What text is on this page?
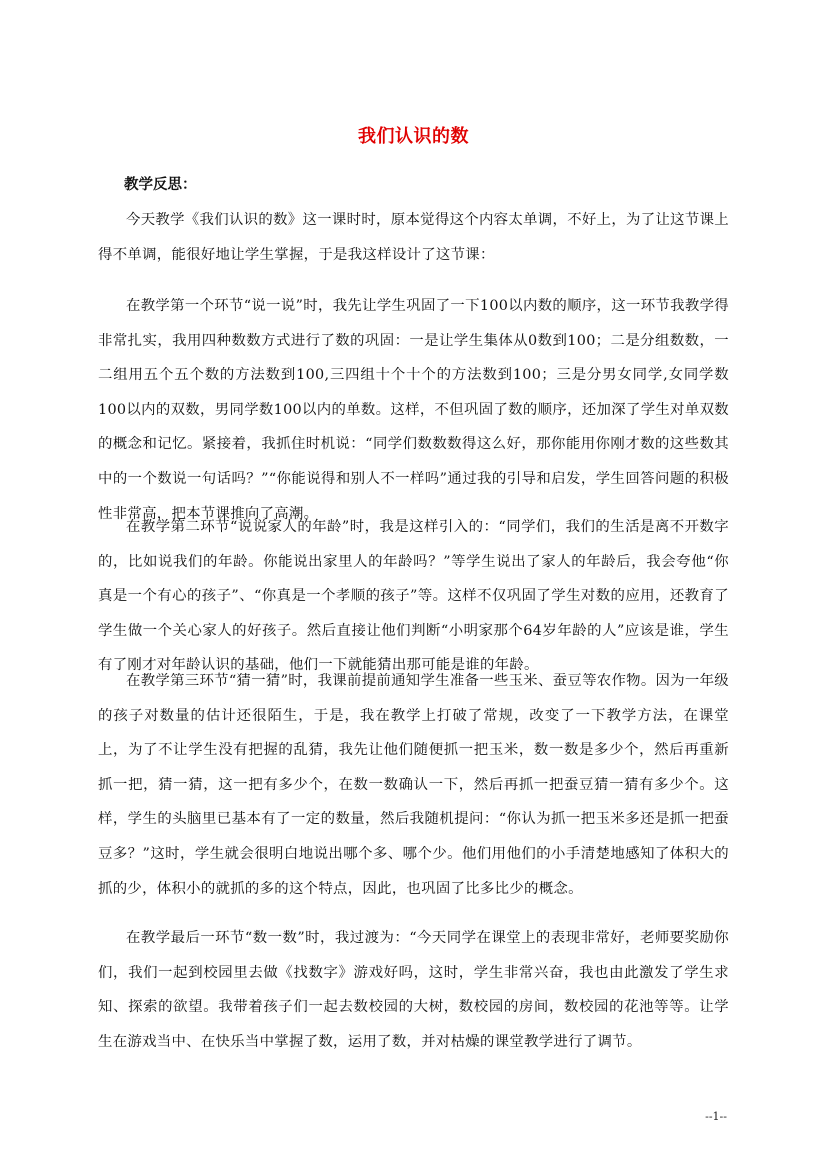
我们认识的数

教学反思：

今天教学《我们认识的数》这一课时时，原本觉得这个内容太单调，不好上，为了让这节课上得不单调，能很好地让学生掌握，于是我这样设计了这节课：

在教学第一个环节“说一说”时，我先让学生巩固了一下100以内数的顺序，这一环节我教学得非常扎实，我用四种数数方式进行了数的巩固：一是让学生集体从0数到100；二是分组数数，一二组用五个五个数的方法数到100,三四组十个十个的方法数到100；三是分男女同学,女同学数100以内的双数，男同学数100以内的单数。这样，不但巩固了数的顺序，还加深了学生对单双数的概念和记忆。紧接着，我抓住时机说：“同学们数数数得这么好，那你能用你刚才数的这些数其中的一个数说一句话吗？”“你能说得和别人不一样吗”通过我的引导和启发，学生回答问题的积极性非常高，把本节课推向了高潮。

在教学第二环节“说说家人的年龄”时，我是这样引入的：“同学们，我们的生活是离不开数字的，比如说我们的年龄。你能说出家里人的年龄吗？”等学生说出了家人的年龄后，我会夸他“你真是一个有心的孩子”、“你真是一个孝顺的孩子”等。这样不仅巩固了学生对数的应用，还教育了学生做一个关心家人的好孩子。然后直接让他们判断“小明家那个64岁年龄的人”应该是谁，学生有了刚才对年龄认识的基础，他们一下就能猜出那可能是谁的年龄。

在教学第三环节“猜一猜”时，我课前提前通知学生准备一些玉米、蚕豆等农作物。因为一年级的孩子对数量的估计还很陌生，于是，我在教学上打破了常规，改变了一下教学方法，在课堂上，为了不让学生没有把握的乱猜，我先让他们随便抓一把玉米，数一数是多少个，然后再重新抓一把，猜一猜，这一把有多少个，在数一数确认一下，然后再抓一把蚕豆猜一猜有多少个。这样，学生的头脑里已基本有了一定的数量，然后我随机提问：“你认为抓一把玉米多还是抓一把蚕豆多？”这时，学生就会很明白地说出哪个多、哪个少。他们用他们的小手清楚地感知了体积大的抓的少，体积小的就抓的多的这个特点，因此，也巩固了比多比少的概念。

在教学最后一环节“数一数”时，我过渡为：“今天同学在课堂上的表现非常好，老师要奖励你们，我们一起到校园里去做《找数字》游戏好吗，这时，学生非常兴奋，我也由此激发了学生求知、探索的欲望。我带着孩子们一起去数校园的大树，数校园的房间，数校园的花池等等。让学生在游戏当中、在快乐当中掌握了数，运用了数，并对枯燥的课堂教学进行了调节。

--1--
